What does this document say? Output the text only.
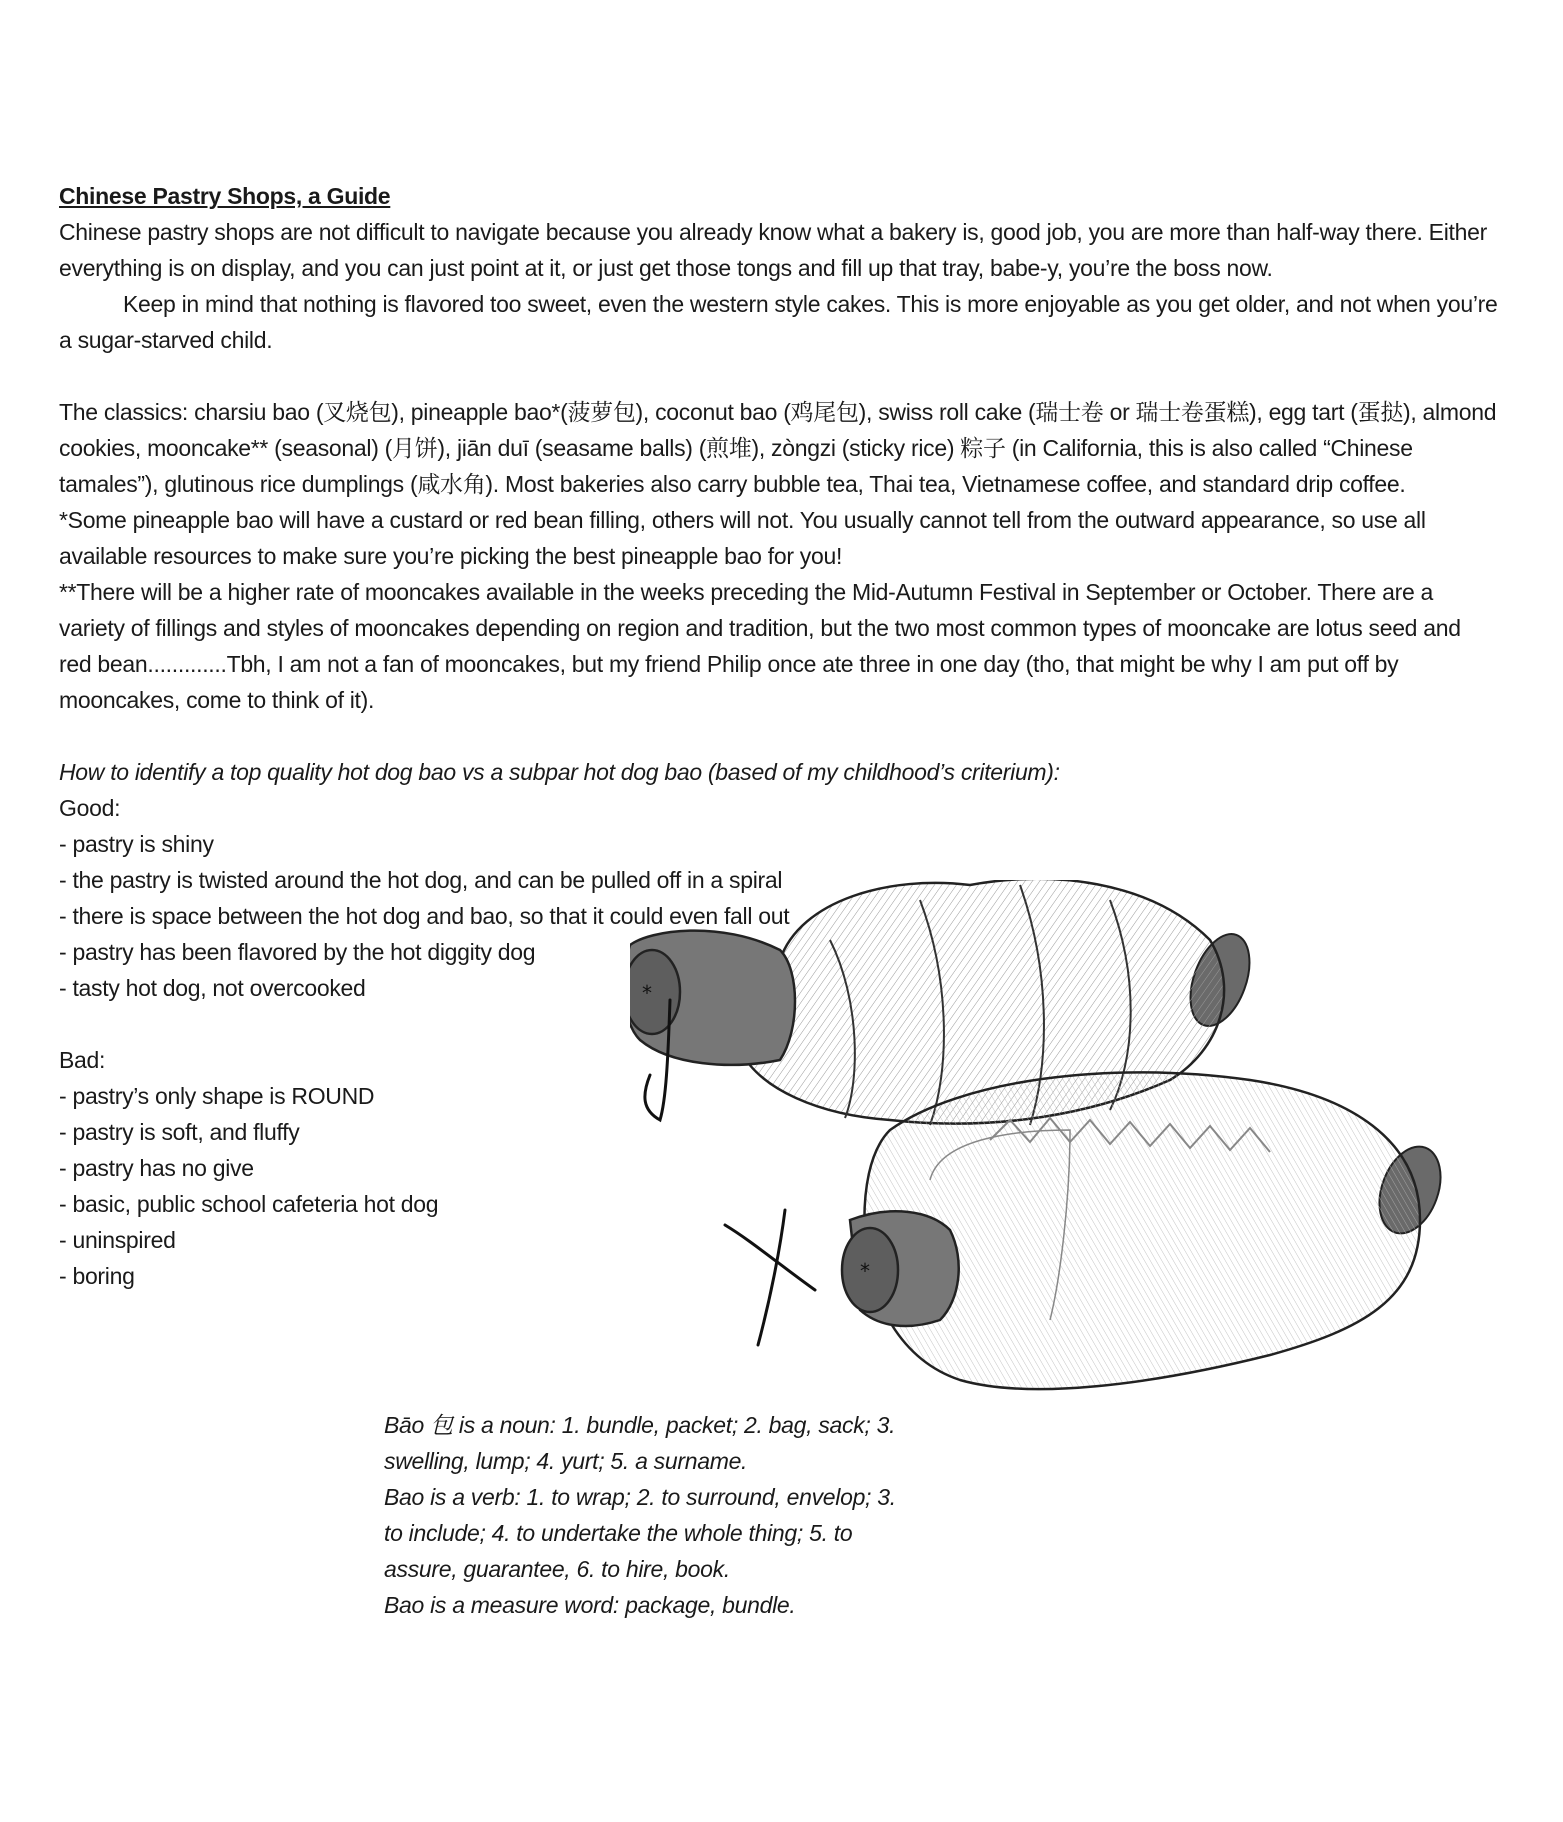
Chinese Pastry Shops, a Guide

Chinese pastry shops are not difficult to navigate because you already know what a bakery is, good job, you are more than half-way there. Either everything is on display, and you can just point at it, or just get those tongs and fill up that tray, babe-y, you’re the boss now.

Keep in mind that nothing is flavored too sweet, even the western style cakes. This is more enjoyable as you get older, and not when you’re a sugar-starved child.

The classics: charsiu bao (叉烧包), pineapple bao*(菠萝包), coconut bao (鸡尾包), swiss roll cake (瑞士卷 or 瑞士卷蛋糕), egg tart (蛋挞), almond cookies, mooncake** (seasonal) (月饼), jiān duī (seasame balls) (煎堆), zòngzi (sticky rice) 粽子 (in California, this is also called “Chinese tamales”), glutinous rice dumplings (咸水角). Most bakeries also carry bubble tea, Thai tea, Vietnamese coffee, and standard drip coffee.

*Some pineapple bao will have a custard or red bean filling, others will not. You usually cannot tell from the outward appearance, so use all available resources to make sure you’re picking the best pineapple bao for you!

**There will be a higher rate of mooncakes available in the weeks preceding the Mid-Autumn Festival in September or October. There are a variety of fillings and styles of mooncakes depending on region and tradition, but the two most common types of mooncake are lotus seed and red bean.............Tbh, I am not a fan of mooncakes, but my friend Philip once ate three in one day (tho, that might be why I am put off by mooncakes, come to think of it).

How to identify a top quality hot dog bao vs a subpar hot dog bao (based of my childhood’s criterium):

Good:

- pastry is shiny
- the pastry is twisted around the hot dog, and can be pulled off in a spiral
- there is space between the hot dog and bao, so that it could even fall out
- pastry has been flavored by the hot diggity dog
- tasty hot dog, not overcooked

Bad:

- pastry’s only shape is ROUND
- pastry is soft, and fluffy
- pastry has no give
- basic, public school cafeteria hot dog
- uninspired
- boring
*
*

Bāo 包 is a noun: 1. bundle, packet; 2. bag, sack; 3. swelling, lump; 4. yurt; 5. a surname.

Bao is a verb: 1. to wrap; 2. to surround, envelop; 3. to include; 4. to undertake the whole thing; 5. to assure, guarantee, 6. to hire, book.

Bao is a measure word: package, bundle.
